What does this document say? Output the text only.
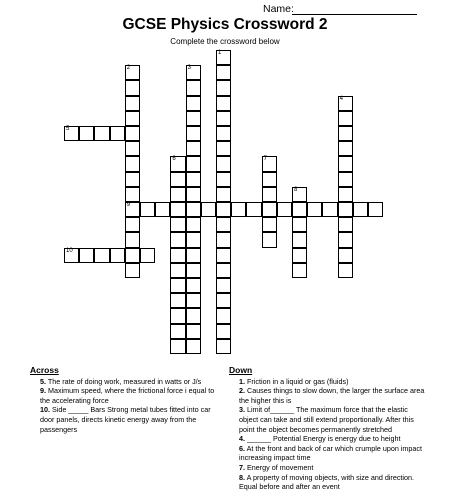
Name:
GCSE Physics Crossword 2
Complete the crossword below
1
2
9
3
4
5
6	7
8
10
Across
5. The rate of doing work, measured in watts or J/s
9. Maximum speed, where the frictional force i equal to the accelerating force
10. Side _____ Bars Strong metal tubes fitted into car door panels, directs kinetic energy away from the passengers
Down
1. Friction in a liquid or gas (fluids)
2. Causes things to slow down, the larger the surface area the higher this is
3. Limit of______ The maximum force that the elastic object can take and still extend proportionally. After this point the object becomes permanently stretched
4. ______ Potential Energy is energy due to height
6. At the front and back of car which crumple upon impact increasing impact time
7. Energy of movement
8. A property of moving objects, with size and direction. Equal before and after an event
